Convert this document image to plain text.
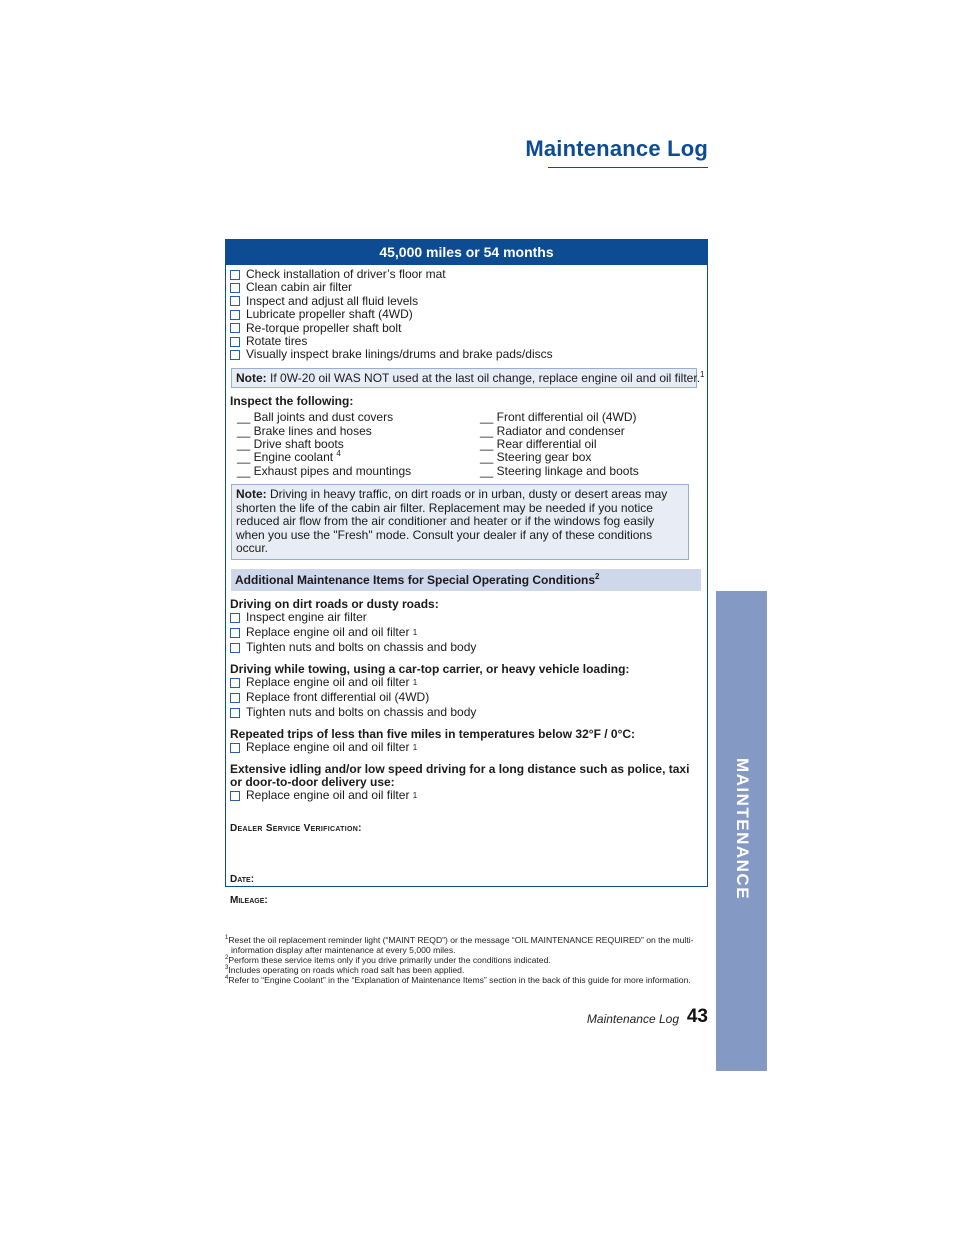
Maintenance Log
MAINTENANCE
45,000 miles or 54 months
Check installation of driver’s floor mat
Clean cabin air filter
Inspect and adjust all fluid levels
Lubricate propeller shaft (4WD)
Re-torque propeller shaft bolt
Rotate tires
Visually inspect brake linings/drums and brake pads/discs
Note: If 0W-20 oil WAS NOT used at the last oil change, replace engine oil and oil filter.$^1$
Inspect the following:
__ Ball joints and dust covers
__ Brake lines and hoses
__ Drive shaft boots
__ Engine coolant $^4$
__ Exhaust pipes and mountings
__ Front differential oil (4WD)
__ Radiator and condenser
__ Rear differential oil
__ Steering gear box
__ Steering linkage and boots
Note: Driving in heavy traffic, on dirt roads or in urban, dusty or desert areas may shorten the life of the cabin air filter. Replacement may be needed if you notice reduced air flow from the air conditioner and heater or if the windows fog easily when you use the "Fresh" mode. Consult your dealer if any of these conditions occur.
Additional Maintenance Items for Special Operating Conditions$^2$
Driving on dirt roads or dusty roads:
Inspect engine air filter
Replace engine oil and oil filter
1
Tighten nuts and bolts on chassis and body
Driving while towing, using a car-top carrier, or heavy vehicle loading:
Replace engine oil and oil filter
1
Replace front differential oil (4WD)
Tighten nuts and bolts on chassis and body
Repeated trips of less than five miles in temperatures below 32°F / 0°C:
Replace engine oil and oil filter
1
Extensive idling and/or low speed driving for a long distance such as police, taxi or door-to-door delivery use:
Replace engine oil and oil filter
1
Dealer Service Verification:
Date:
Mileage:
$^1$Reset the oil replacement reminder light (“MAINT REQD”) or the message “OIL MAINTENANCE REQUIRED” on the multi-information display after maintenance at every 5,000 miles.
$^2$Perform these service items only if you drive primarily under the conditions indicated.
$^3$Includes operating on roads which road salt has been applied.
$^4$Refer to “Engine Coolant” in the “Explanation of Maintenance Items” section in the back of this guide for more information.
Maintenance Log 43
